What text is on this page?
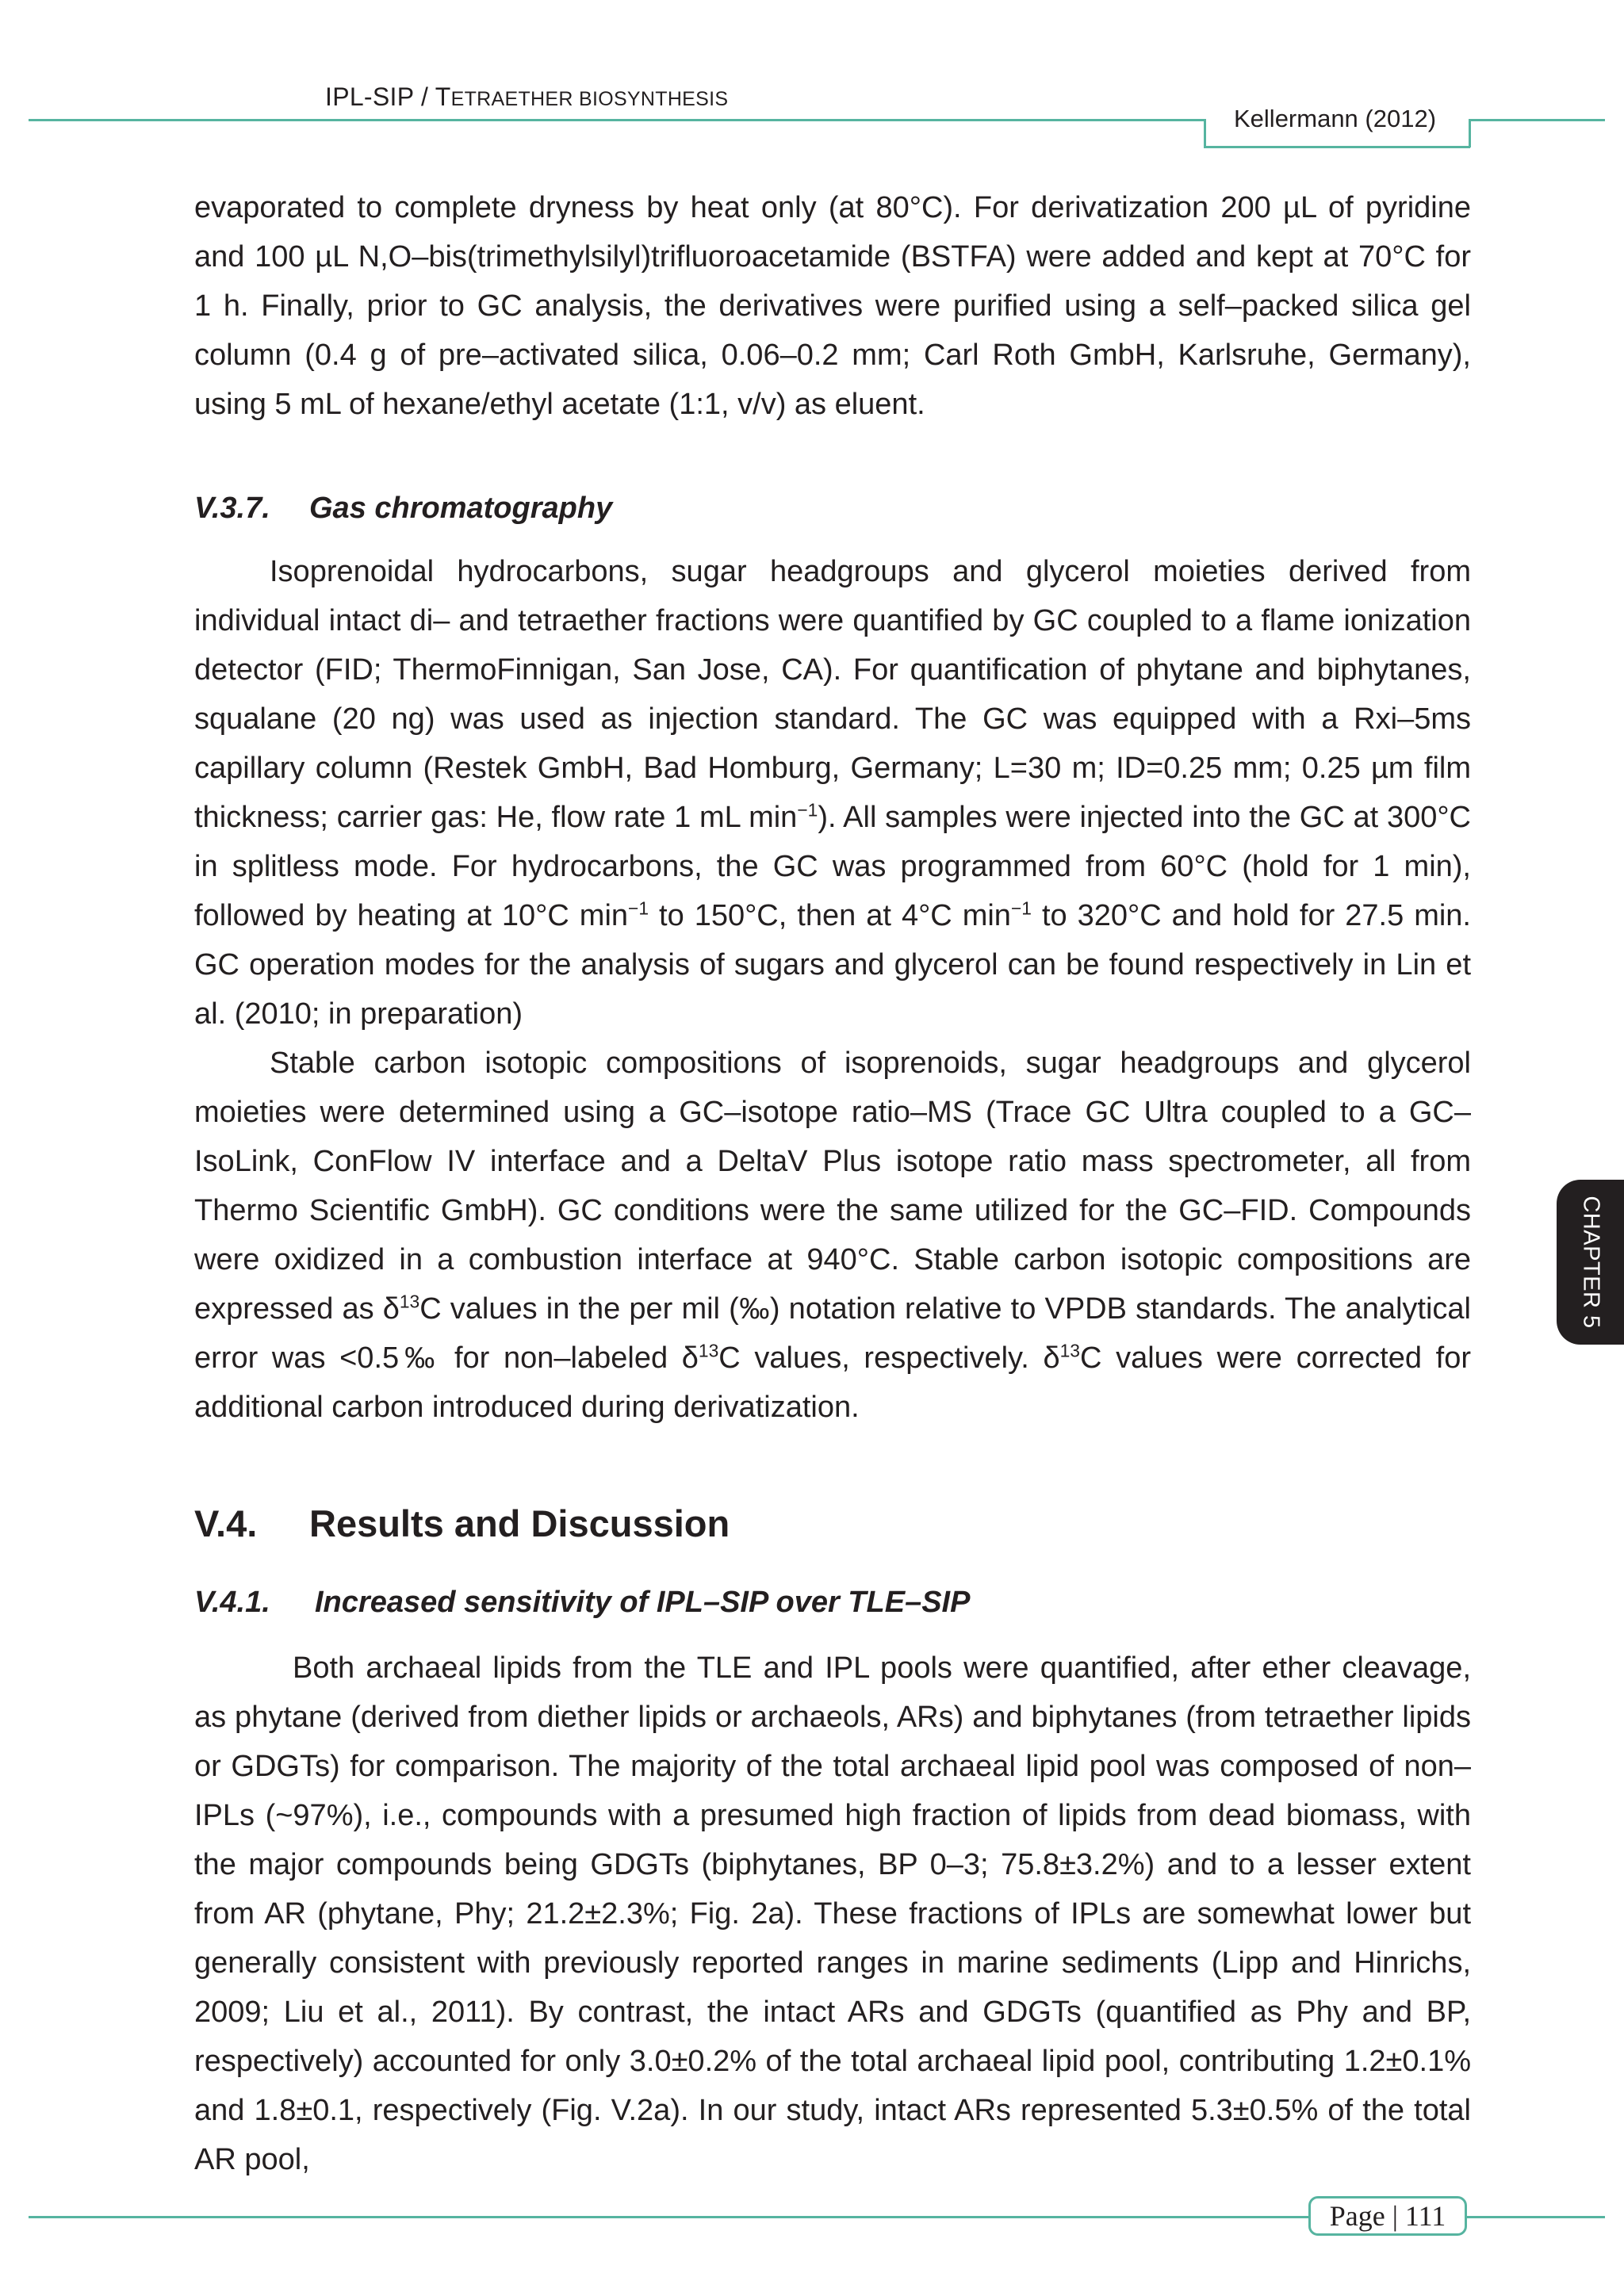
IPL-SIP / TETRAETHER BIOSYNTHESIS
Kellermann (2012)

evaporated to complete dryness by heat only (at 80°C). For derivatization 200 µL of pyridine and 100 µL N,O–bis(trimethylsilyl)trifluoroacetamide (BSTFA) were added and kept at 70°C for 1 h. Finally, prior to GC analysis, the derivatives were purified using a self–packed silica gel column (0.4 g of pre–activated silica, 0.06–0.2 mm; Carl Roth GmbH, Karlsruhe, Germany), using 5 mL of hexane/ethyl acetate (1:1, v/v) as eluent.

V.3.7. Gas chromatography

Isoprenoidal hydrocarbons, sugar headgroups and glycerol moieties derived from individual intact di– and tetraether fractions were quantified by GC coupled to a flame ionization detector (FID; ThermoFinnigan, San Jose, CA). For quantification of phytane and biphytanes, squalane (20 ng) was used as injection standard. The GC was equipped with a Rxi–5ms capillary column (Restek GmbH, Bad Homburg, Germany; L=30 m; ID=0.25 mm; 0.25 µm film thickness; carrier gas: He, flow rate 1 mL $\min^{-1}$). All samples were injected into the GC at 300°C in splitless mode. For hydrocarbons, the GC was programmed from 60°C (hold for 1 min), followed by heating at 10°C $\min^{-1}$ to 150°C, then at 4°C $\min^{-1}$ to 320°C and hold for 27.5 min. GC operation modes for the analysis of sugars and glycerol can be found respectively in Lin et al. (2010; in preparation)

Stable carbon isotopic compositions of isoprenoids, sugar headgroups and glycerol moieties were determined using a GC–isotope ratio–MS (Trace GC Ultra coupled to a GC–IsoLink, ConFlow IV interface and a DeltaV Plus isotope ratio mass spectrometer, all from Thermo Scientific GmbH). GC conditions were the same utilized for the GC–FID. Compounds were oxidized in a combustion interface at 940°C. Stable carbon isotopic compositions are expressed as $\delta^{13}C$ values in the per mil (‰) notation relative to VPDB standards. The analytical error was <0.5‰ for non–labeled $\delta^{13}C$ values, respectively. $\delta^{13}C$ values were corrected for additional carbon introduced during derivatization.

V.4. Results and Discussion
V.4.1. Increased sensitivity of IPL–SIP over TLE–SIP

Both archaeal lipids from the TLE and IPL pools were quantified, after ether cleavage, as phytane (derived from diether lipids or archaeols, ARs) and biphytanes (from tetraether lipids or GDGTs) for comparison. The majority of the total archaeal lipid pool was composed of non–IPLs (~97%), i.e., compounds with a presumed high fraction of lipids from dead biomass, with the major compounds being GDGTs (biphytanes, BP 0–3; 75.8±3.2%) and to a lesser extent from AR (phytane, Phy; 21.2±2.3%; Fig. 2a). These fractions of IPLs are somewhat lower but generally consistent with previously reported ranges in marine sediments (Lipp and Hinrichs, 2009; Liu et al., 2011). By contrast, the intact ARs and GDGTs (quantified as Phy and BP, respectively) accounted for only 3.0±0.2% of the total archaeal lipid pool, contributing 1.2±0.1% and 1.8±0.1, respectively (Fig. V.2a). In our study, intact ARs represented 5.3±0.5% of the total AR pool,

CHAPTER 5
Page | 111
